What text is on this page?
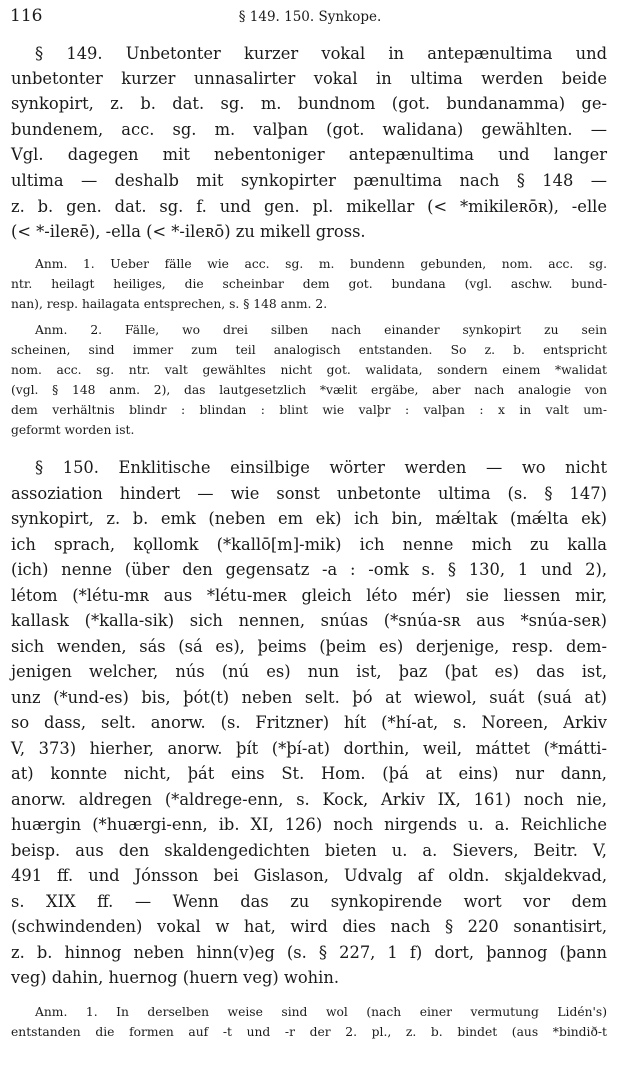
116	§ 149. 150. Synkope.

§ 149. Unbetonter kurzer vokal in antepænultima und

unbetonter kurzer unnasalirter vokal in ultima werden beide

synkopirt, z. b. dat. sg. m. bundnom (got. bundanamma) ge-

bundenem, acc. sg. m. valþan (got. walidana) gewählten. —

Vgl. dagegen mit nebentoniger antepænultima und langer

ultima — deshalb mit synkopirter pænultima nach § 148 —

z. b. gen. dat. sg. f. und gen. pl. mikellar (< *mikileʀōʀ), -elle

(< *-ileʀē), -ella (< *-ileʀō) zu mikell gross.

Anm. 1. Ueber fälle wie acc. sg. m. bundenn gebunden, nom. acc. sg.

ntr. heilagt heiliges, die scheinbar dem got. bundana (vgl. aschw. bund-

nan), resp. hailagata entsprechen, s. § 148 anm. 2.

Anm. 2. Fälle, wo drei silben nach einander synkopirt zu sein

scheinen, sind immer zum teil analogisch entstanden. So z. b. entspricht

nom. acc. sg. ntr. valt gewähltes nicht got. walidata, sondern einem *walidat

(vgl. § 148 anm. 2), das lautgesetzlich *vælit ergäbe, aber nach analogie von

dem verhältnis blindr : blindan : blint wie valþr : valþan : x in valt um-

geformt worden ist.

§ 150. Enklitische einsilbige wörter werden — wo nicht

assoziation hindert — wie sonst unbetonte ultima (s. § 147)

synkopirt, z. b. emk (neben em ek) ich bin, mǽltak (mǽlta ek)

ich sprach, kǫllomk (*kallō[m]-mik) ich nenne mich zu kalla

(ich) nenne (über den gegensatz -a : -omk s. § 130, 1 und 2),

létom (*létu-mʀ aus *létu-meʀ gleich léto mér) sie liessen mir,

kallask (*kalla-sik) sich nennen, snúas (*snúa-sʀ aus *snúa-seʀ)

sich wenden, sás (sá es), þeims (þeim es) derjenige, resp. dem-

jenigen welcher, nús (nú es) nun ist, þaz (þat es) das ist,

unz (*und-es) bis, þót(t) neben selt. þó at wiewol, suát (suá at)

so dass, selt. anorw. (s. Fritzner) hít (*hí-at, s. Noreen, Arkiv

V, 373) hierher, anorw. þít (*þí-at) dorthin, weil, máttet (*mátti-

at) konnte nicht, þát eins St. Hom. (þá at eins) nur dann,

anorw. aldregen (*aldrege-enn, s. Kock, Arkiv IX, 161) noch nie,

huærgin (*huærgi-enn, ib. XI, 126) noch nirgends u. a. Reichliche

beisp. aus den skaldengedichten bieten u. a. Sievers, Beitr. V,

491 ff. und Jónsson bei Gislason, Udvalg af oldn. skjaldekvad,

s. XIX ff. — Wenn das zu synkopirende wort vor dem

(schwindenden) vokal w hat, wird dies nach § 220 sonantisirt,

z. b. hinnog neben hinn(v)eg (s. § 227, 1 f) dort, þannog (þann

veg) dahin, huernog (huern veg) wohin.

Anm. 1. In derselben weise sind wol (nach einer vermutung Lidén's)

entstanden die formen auf -t und -r der 2. pl., z. b. bindet (aus *bindið-t
